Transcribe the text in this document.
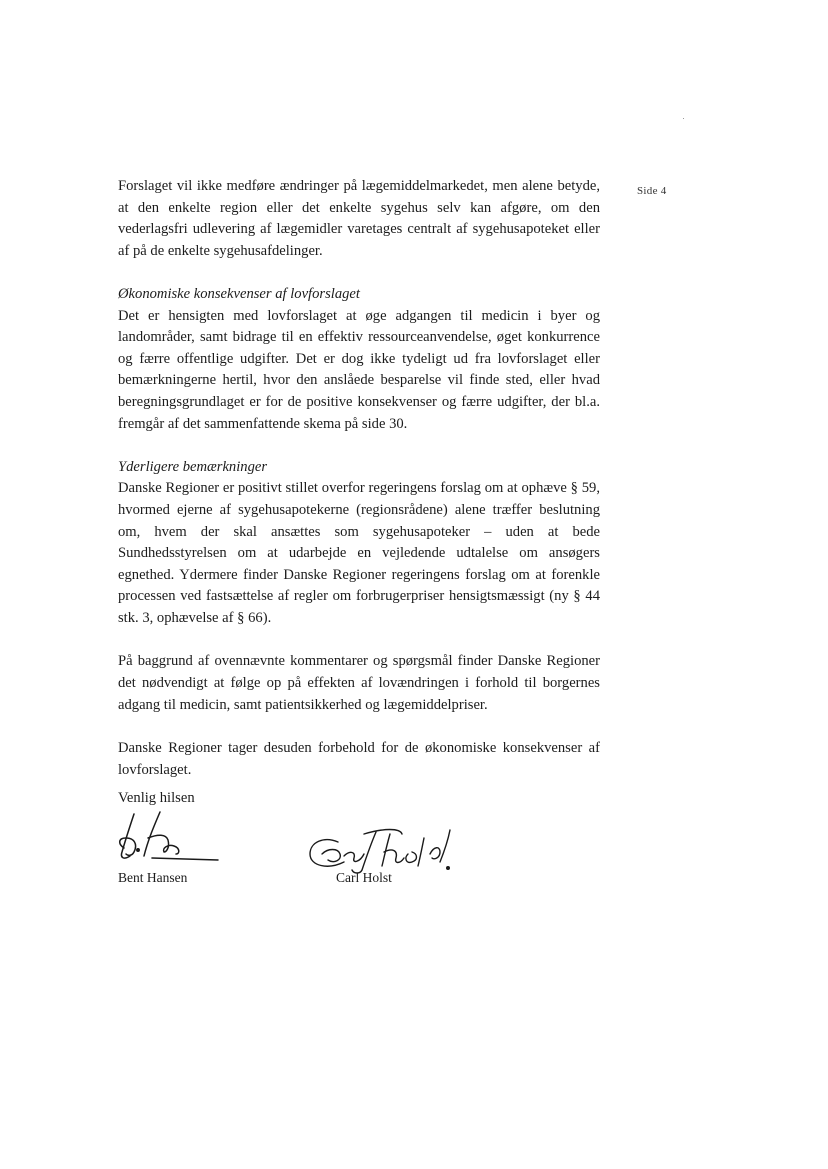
Side 4

Forslaget vil ikke medføre ændringer på lægemiddelmarkedet, men alene betyde, at den enkelte region eller det enkelte sygehus selv kan afgøre, om den vederlagsfri udlevering af lægemidler varetages centralt af sygehusapoteket eller af på de enkelte sygehusafdelinger.

Økonomiske konsekvenser af lovforslaget

Det er hensigten med lovforslaget at øge adgangen til medicin i byer og landområder, samt bidrage til en effektiv ressourceanvendelse, øget konkurrence og færre offentlige udgifter. Det er dog ikke tydeligt ud fra lovforslaget eller bemærkningerne hertil, hvor den anslåede besparelse vil finde sted, eller hvad beregningsgrundlaget er for de positive konsekvenser og færre udgifter, der bl.a. fremgår af det sammenfattende skema på side 30.

Yderligere bemærkninger

Danske Regioner er positivt stillet overfor regeringens forslag om at ophæve § 59, hvormed ejerne af sygehusapotekerne (regionsrådene) alene træffer beslutning om, hvem der skal ansættes som sygehusapoteker – uden at bede Sundhedsstyrelsen om at udarbejde en vejledende udtalelse om ansøgers egnethed. Ydermere finder Danske Regioner regeringens forslag om at forenkle processen ved fastsættelse af regler om forbrugerpriser hensigtsmæssigt (ny § 44 stk. 3, ophævelse af § 66).

På baggrund af ovennævnte kommentarer og spørgsmål finder Danske Regioner det nødvendigt at følge op på effekten af lovændringen i forhold til borgernes adgang til medicin, samt patientsikkerhed og lægemiddelpriser.

Danske Regioner tager desuden forbehold for de økonomiske konsekvenser af lovforslaget.

Venlig hilsen
Bent Hansen	Carl Holst
